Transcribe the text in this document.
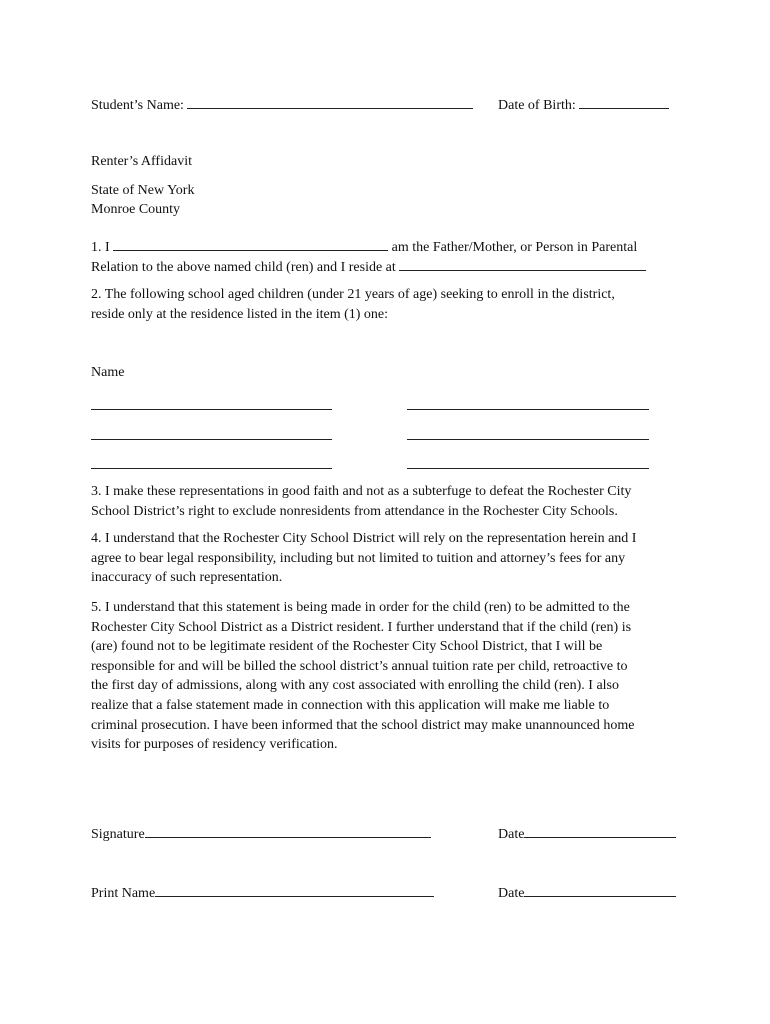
Student’s Name:	Date of Birth:
Renter’s Affidavit
State of New York
Monroe County
1. I	am the Father/Mother, or Person in Parental
Relation to the above named child (ren) and I reside at
2. The following school aged children (under 21 years of age) seeking to enroll in the district,
reside only at the residence listed in the item (1) one:
Name
3. I make these representations in good faith and not as a subterfuge to defeat the Rochester City
School District’s right to exclude nonresidents from attendance in the Rochester City Schools.
4. I understand that the Rochester City School District will rely on the representation herein and I
agree to bear legal responsibility, including but not limited to tuition and attorney’s fees for any
inaccuracy of such representation.
5. I understand that this statement is being made in order for the child (ren) to be admitted to the
Rochester City School District as a District resident. I further understand that if the child (ren) is
(are) found not to be legitimate resident of the Rochester City School District, that I will be
responsible for and will be billed the school district’s annual tuition rate per child, retroactive to
the first day of admissions, along with any cost associated with enrolling the child (ren). I also
realize that a false statement made in connection with this application will make me liable to
criminal prosecution. I have been informed that the school district may make unannounced home
visits for purposes of residency verification.
Signature	Date
Print Name	Date
